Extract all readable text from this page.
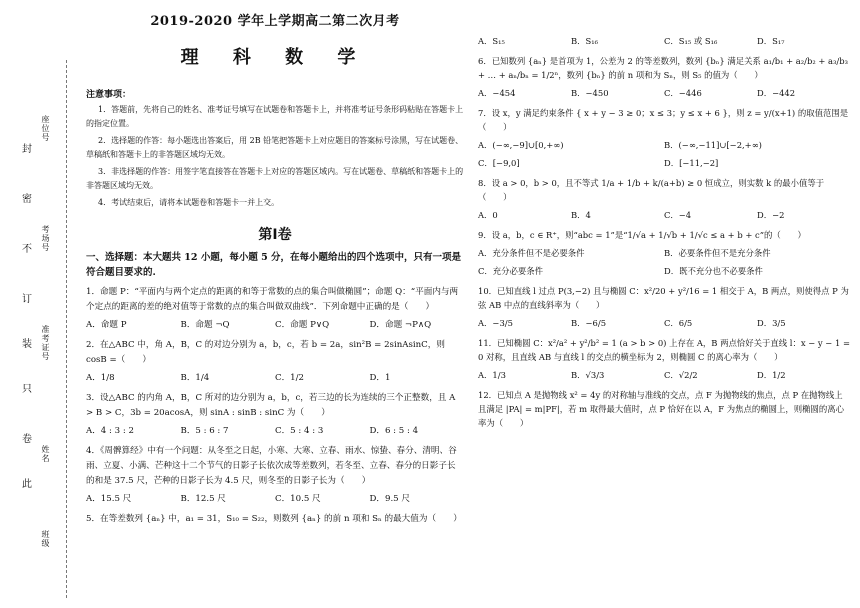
封
密
不
订
装
只
卷
此
座位号
考场号
准考证号
姓名
班级
2019-2020 学年上学期高二第二次月考
理 科 数 学
注意事项：

1．答题前，先将自己的姓名、准考证号填写在试题卷和答题卡上，并将准考证号条形码粘贴在答题卡上的指定位置。

2．选择题的作答：每小题选出答案后，用 2B 铅笔把答题卡上对应题目的答案标号涂黑，写在试题卷、草稿纸和答题卡上的非答题区域均无效。

3．非选择题的作答：用签字笔直接答在答题卡上对应的答题区域内。写在试题卷、草稿纸和答题卡上的非答题区域均无效。

4．考试结束后，请将本试题卷和答题卡一并上交。

第Ⅰ卷
一、选择题：本大题共 12 小题，每小题 5 分，在每小题给出的四个选项中，只有一项是符合题目要求的.
1．命题 P：“平面内与两个定点的距离的和等于常数的点的集合叫做椭圆”；命题 Q：“平面内与两个定点的距离的差的绝对值等于常数的点的集合叫做双曲线”．下列命题中正确的是（　　）
A．命题 P	B．命题 ¬Q	C．命题 P∨Q	D．命题 ¬P∧Q
2．在△ABC 中，角 A，B，C 的对边分别为 a，b，c，若 b = 2a，sin²B = 2sinAsinC，则 cosB =（　　）
A．1/8	B．1/4	C．1/2	D．1
3．设△ABC 的内角 A，B，C 所对的边分别为 a，b，c，若三边的长为连续的三个正整数，且 A > B > C，3b = 20acosA，则 sinA : sinB : sinC 为（　　）
A．4 : 3 : 2	B．5 : 6 : 7	C．5 : 4 : 3	D．6 : 5 : 4
4．《周髀算经》中有一个问题：从冬至之日起，小寒、大寒、立春、雨水、惊蛰、春分、清明、谷雨、立夏、小满、芒种这十二个节气的日影子长依次成等差数列，若冬至、立春、春分的日影子长的和是 37.5 尺，芒种的日影子长为 4.5 尺，则冬至的日影子长为（　　）
A．15.5 尺	B．12.5 尺	C．10.5 尺	D．9.5 尺
5．在等差数列 {aₙ} 中，a₁ = 31，S₁₀ = S₂₂，则数列 {aₙ} 的前 n 项和 Sₙ 的最大值为（　　）
A．S₁₅	B．S₁₆	C．S₁₅ 或 S₁₆	D．S₁₇
6．已知数列 {aₙ} 是首项为 1，公差为 2 的等差数列，数列 {bₙ} 满足关系 a₁/b₁ + a₂/b₂ + a₃/b₃ + … + aₙ/bₙ = 1/2ⁿ，数列 {bₙ} 的前 n 项和为 Sₙ，则 S₅ 的值为（　　）
A．−454	B．−450	C．−446	D．−442
7．设 x，y 满足约束条件 { x + y − 3 ≥ 0；x ≤ 3；y ≤ x + 6 }，则 z = y/(x+1) 的取值范围是（　　）
A．(−∞,−9]∪[0,+∞)	B．(−∞,−11]∪[−2,+∞)
C．[−9,0]	D．[−11,−2]
8．设 a > 0，b > 0，且不等式 1/a + 1/b + k/(a+b) ≥ 0 恒成立，则实数 k 的最小值等于（　　）
A．0	B．4	C．−4	D．−2
9．设 a，b，c ∈ R⁺，则“abc = 1”是“1/√a + 1/√b + 1/√c ≤ a + b + c”的（　　）
A．充分条件但不是必要条件	B．必要条件但不是充分条件
C．充分必要条件	D．既不充分也不必要条件
10．已知直线 l 过点 P(3,−2) 且与椭圆 C：x²/20 + y²/16 = 1 相交于 A，B 两点，则使得点 P 为弦 AB 中点的直线斜率为（　　）
A．−3/5	B．−6/5	C．6/5	D．3/5
11．已知椭圆 C：x²/a² + y²/b² = 1 (a > b > 0) 上存在 A，B 两点恰好关于直线 l：x − y − 1 = 0 对称，且直线 AB 与直线 l 的交点的横坐标为 2，则椭圆 C 的离心率为（　　）
A．1/3	B．√3/3	C．√2/2	D．1/2
12．已知点 A 是抛物线 x² = 4y 的对称轴与准线的交点，点 F 为抛物线的焦点，点 P 在抛物线上且满足 |PA| = m|PF|，若 m 取得最大值时，点 P 恰好在以 A，F 为焦点的椭圆上，则椭圆的离心率为（　　）
